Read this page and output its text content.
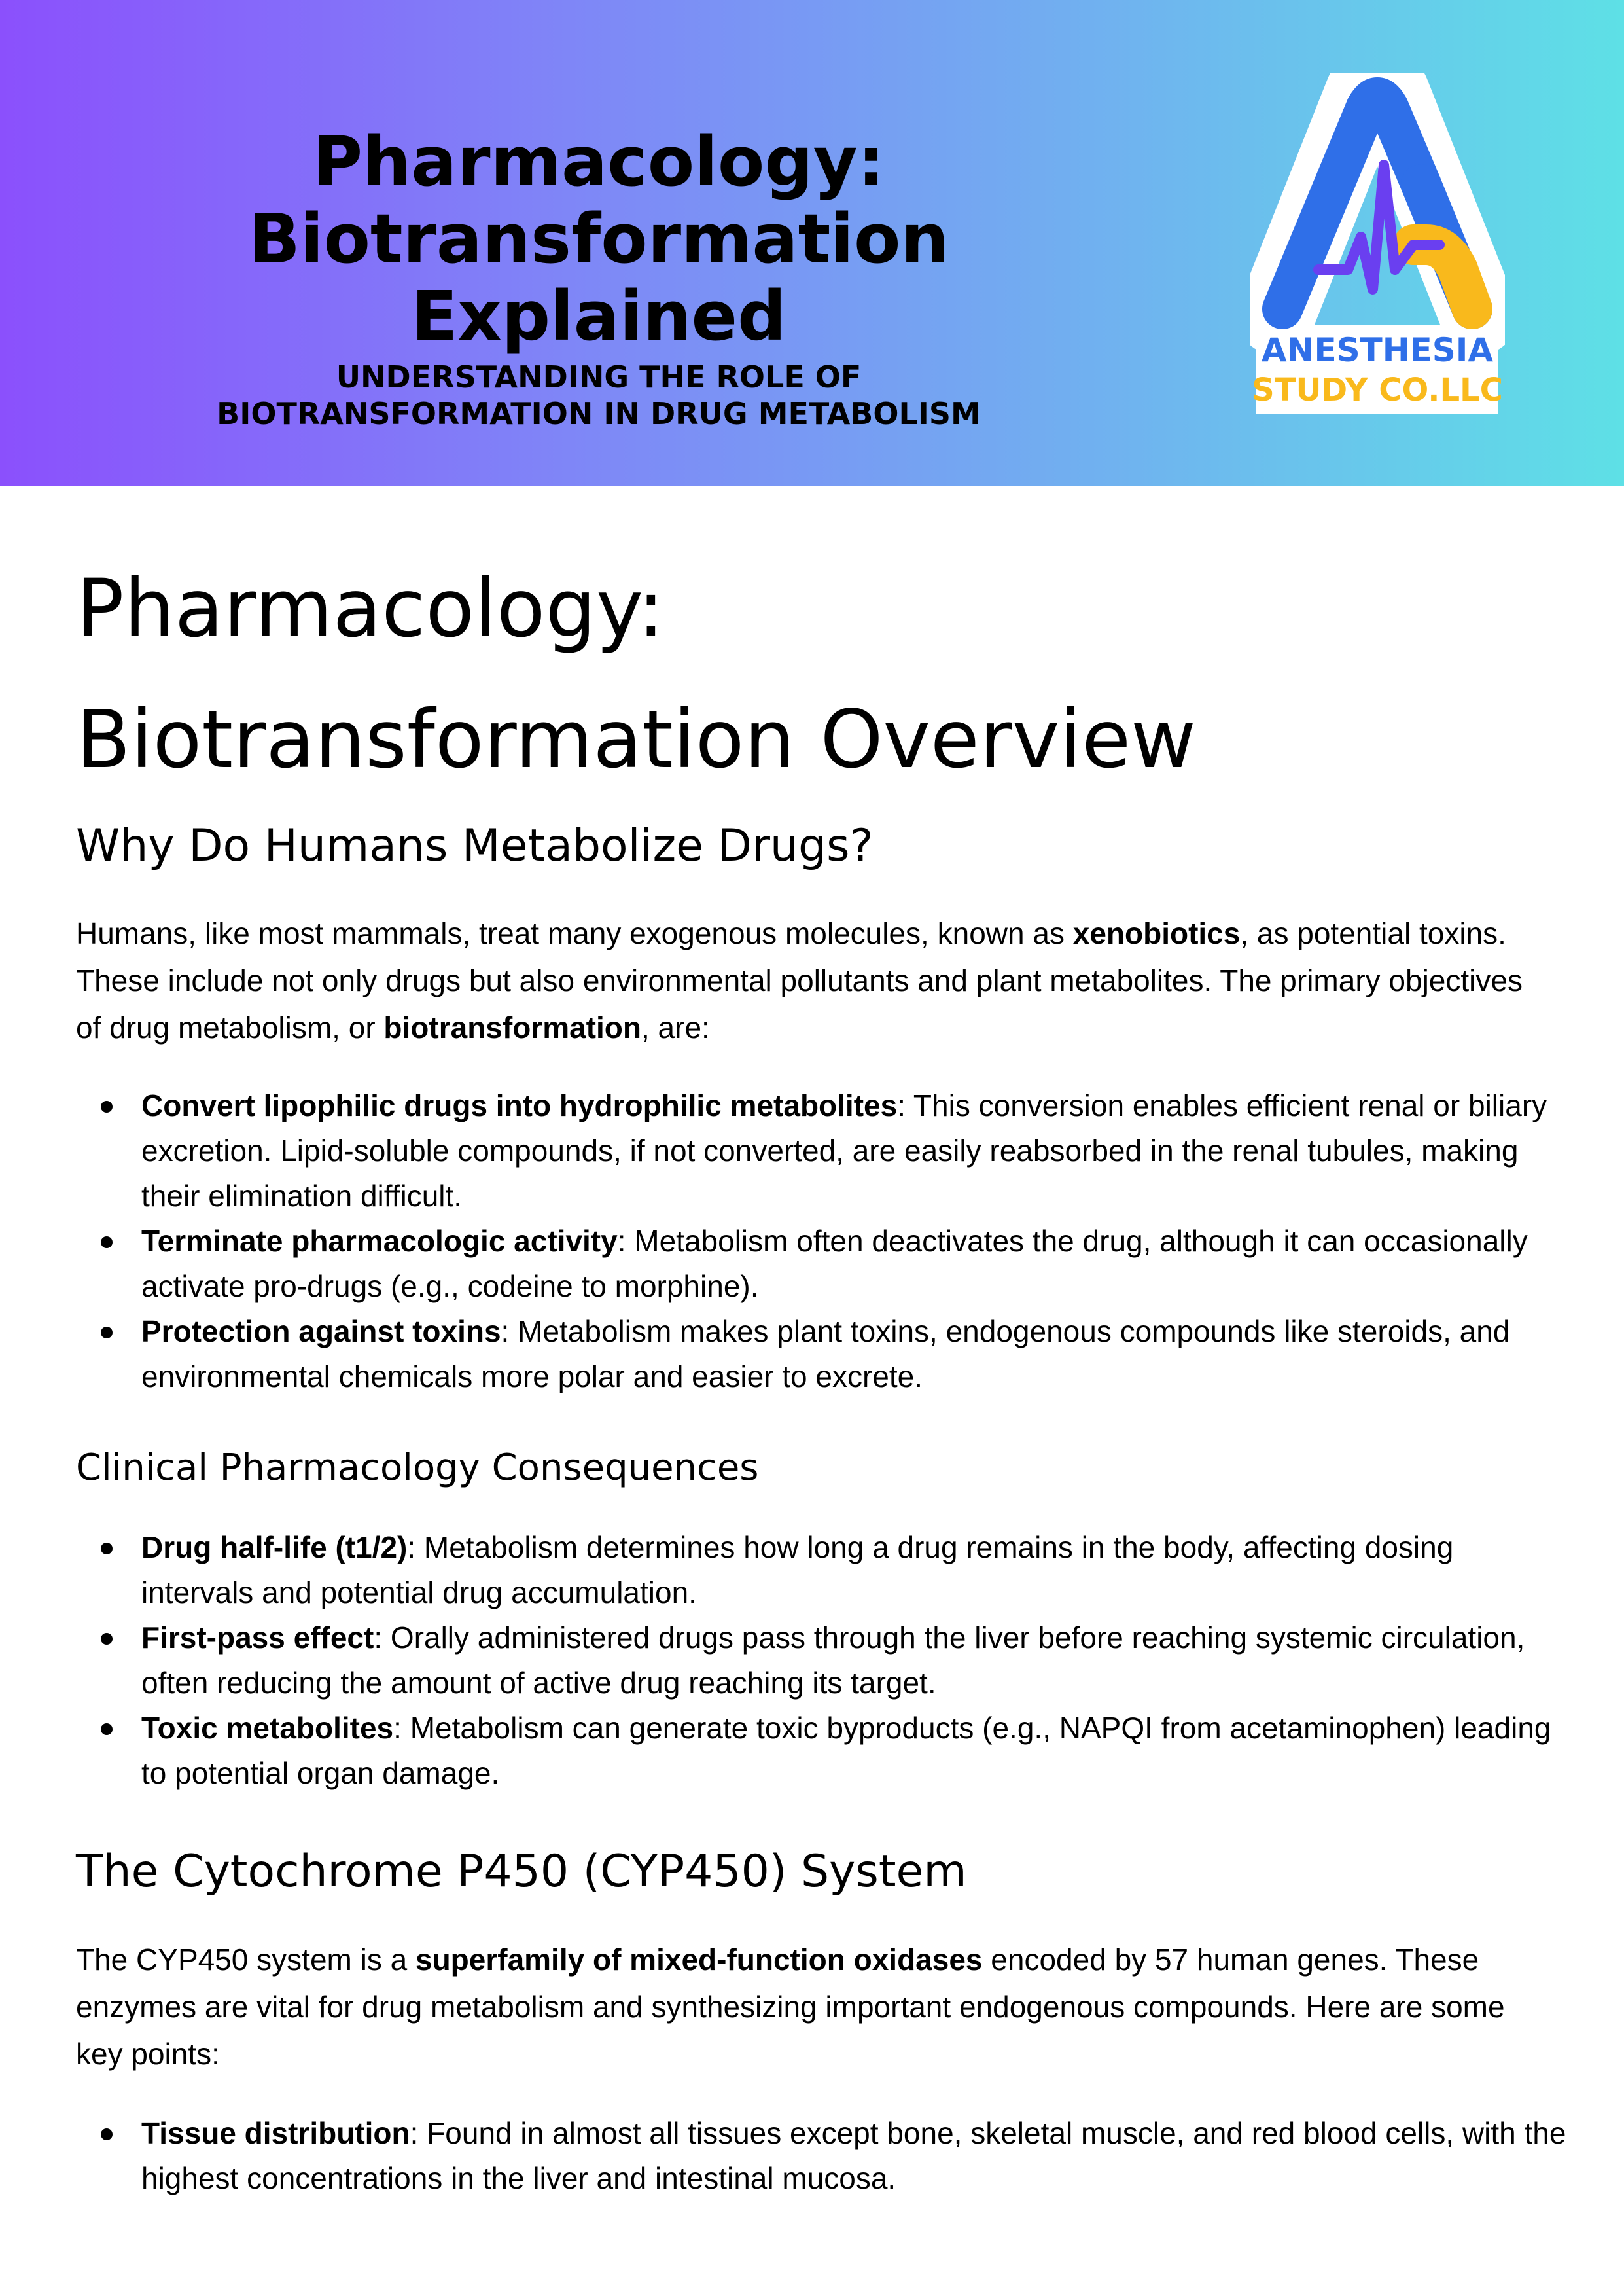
Pharmacology:
Biotransformation
Explained
UNDERSTANDING THE ROLE OF
BIOTRANSFORMATION IN DRUG METABOLISM
ANESTHESIA
STUDY CO.LLC
Pharmacology:
Biotransformation Overview
Why Do Humans Metabolize Drugs?

Humans, like most mammals, treat many exogenous molecules, known as xenobiotics, as potential toxins. These include not only drugs but also environmental pollutants and plant metabolites. The primary objectives of drug metabolism, or biotransformation, are:

Convert lipophilic drugs into hydrophilic metabolites: This conversion enables efficient renal or biliary excretion. Lipid-soluble compounds, if not converted, are easily reabsorbed in the renal tubules, making their elimination difficult.
Terminate pharmacologic activity: Metabolism often deactivates the drug, although it can occasionally activate pro-drugs (e.g., codeine to morphine).
Protection against toxins: Metabolism makes plant toxins, endogenous compounds like steroids, and environmental chemicals more polar and easier to excrete.
Clinical Pharmacology Consequences
Drug half-life (t1/2): Metabolism determines how long a drug remains in the body, affecting dosing intervals and potential drug accumulation.
First-pass effect: Orally administered drugs pass through the liver before reaching systemic circulation, often reducing the amount of active drug reaching its target.
Toxic metabolites: Metabolism can generate toxic byproducts (e.g., NAPQI from acetaminophen) leading to potential organ damage.
The Cytochrome P450 (CYP450) System

The CYP450 system is a superfamily of mixed-function oxidases encoded by 57 human genes. These enzymes are vital for drug metabolism and synthesizing important endogenous compounds. Here are some key points:

Tissue distribution: Found in almost all tissues except bone, skeletal muscle, and red blood cells, with the highest concentrations in the liver and intestinal mucosa.
